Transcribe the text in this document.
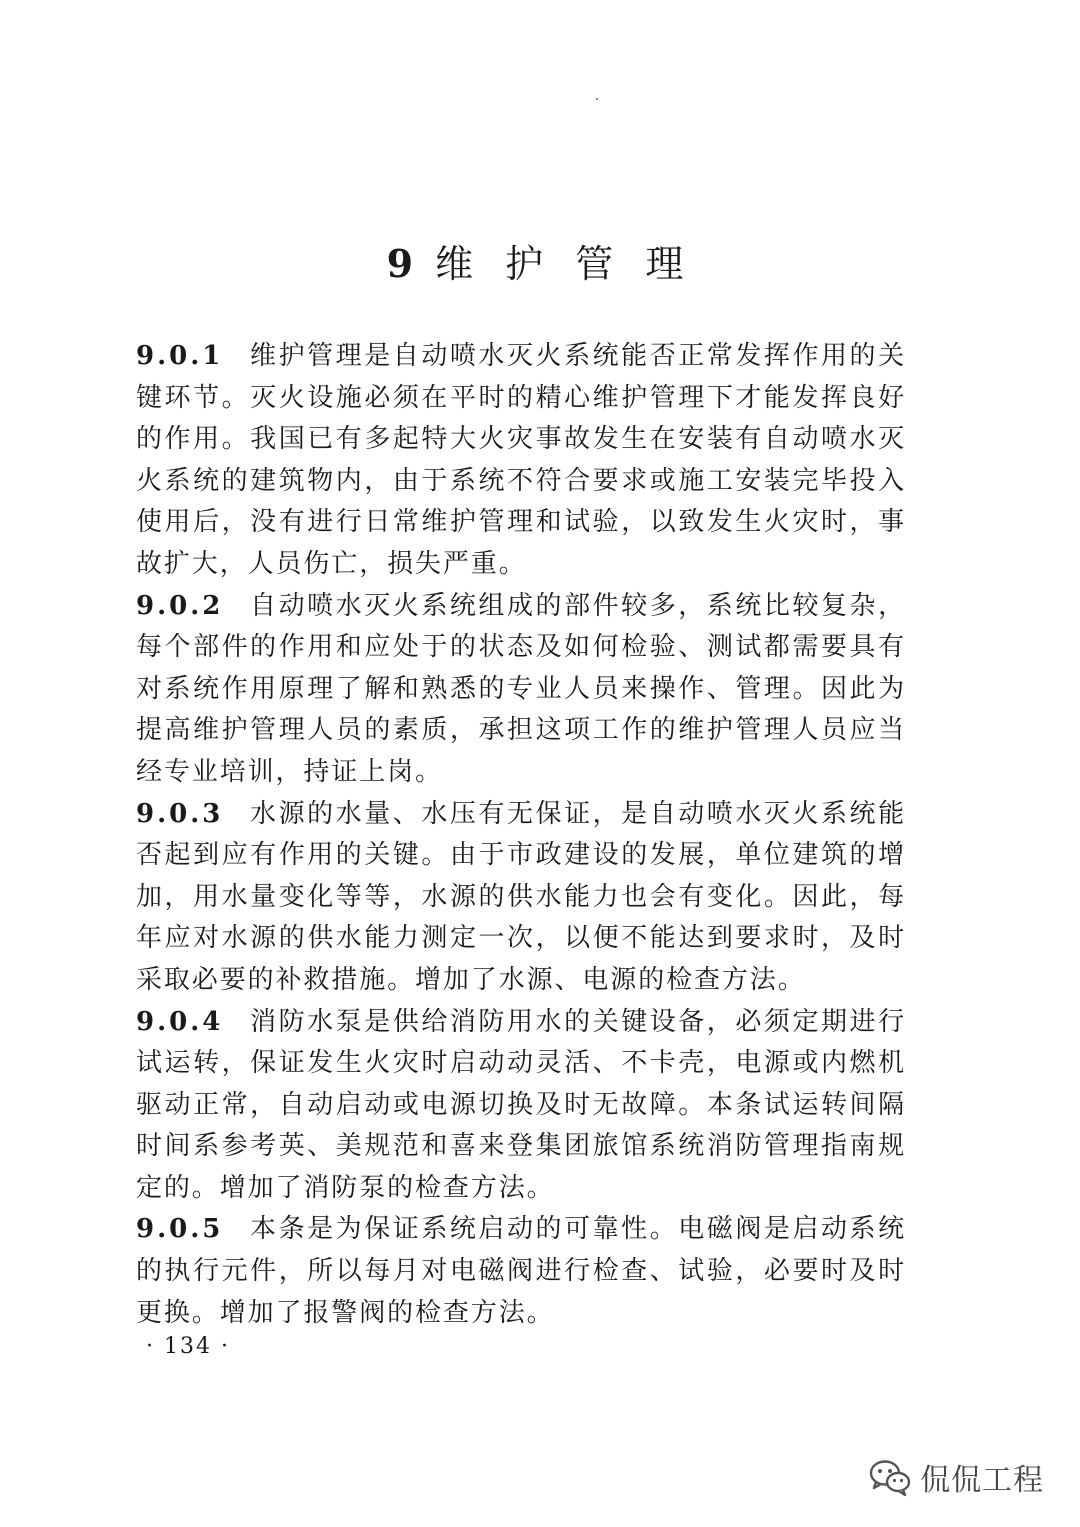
9 维 护 管 理

9.0.1 维护管理是自动喷水灭火系统能否正常发挥作用的关键环节。灭火设施必须在平时的精心维护管理下才能发挥良好的作用。我国已有多起特大火灾事故发生在安装有自动喷水灭火系统的建筑物内，由于系统不符合要求或施工安装完毕投入使用后，没有进行日常维护管理和试验，以致发生火灾时，事故扩大，人员伤亡，损失严重。

9.0.2 自动喷水灭火系统组成的部件较多，系统比较复杂，每个部件的作用和应处于的状态及如何检验、测试都需要具有对系统作用原理了解和熟悉的专业人员来操作、管理。因此为提高维护管理人员的素质，承担这项工作的维护管理人员应当经专业培训，持证上岗。

9.0.3 水源的水量、水压有无保证，是自动喷水灭火系统能否起到应有作用的关键。由于市政建设的发展，单位建筑的增加，用水量变化等等，水源的供水能力也会有变化。因此，每年应对水源的供水能力测定一次，以便不能达到要求时，及时采取必要的补救措施。增加了水源、电源的检查方法。

9.0.4 消防水泵是供给消防用水的关键设备，必须定期进行试运转，保证发生火灾时启动动灵活、不卡壳，电源或内燃机驱动正常，自动启动或电源切换及时无故障。本条试运转间隔时间系参考英、美规范和喜来登集团旅馆系统消防管理指南规定的。增加了消防泵的检查方法。

9.0.5 本条是为保证系统启动的可靠性。电磁阀是启动系统的执行元件，所以每月对电磁阀进行检查、试验，必要时及时更换。增加了报警阀的检查方法。

· 134 ·
侃侃工程
